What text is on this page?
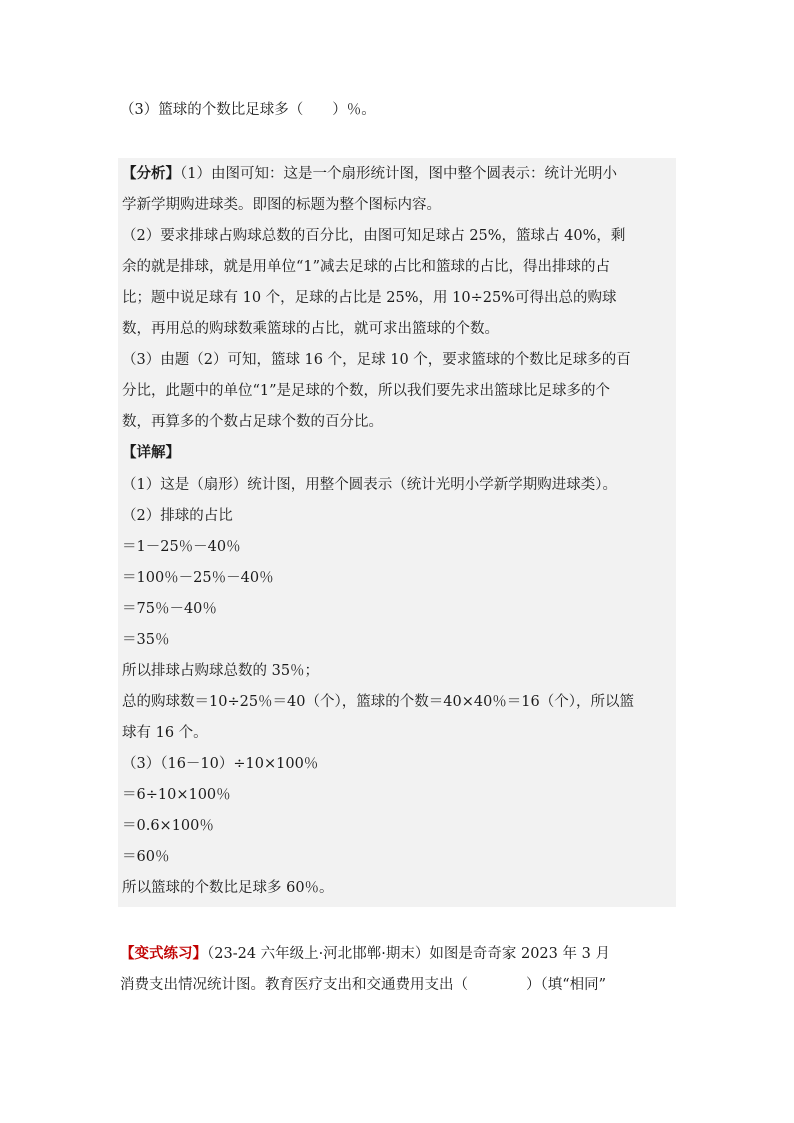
（3）篮球的个数比足球多（　　）％。
【分析】（1）由图可知：这是一个扇形统计图，图中整个圆表示：统计光明小
学新学期购进球类。即图的标题为整个图标内容。
（2）要求排球占购球总数的百分比，由图可知足球占 25%，篮球占 40%，剩
余的就是排球，就是用单位“1”减去足球的占比和篮球的占比，得出排球的占
比；题中说足球有 10 个，足球的占比是 25%，用 10÷25%可得出总的购球
数，再用总的购球数乘篮球的占比，就可求出篮球的个数。
（3）由题（2）可知，篮球 16 个，足球 10 个，要求篮球的个数比足球多的百
分比，此题中的单位“1”是足球的个数，所以我们要先求出篮球比足球多的个
数，再算多的个数占足球个数的百分比。
【详解】
（1）这是（扇形）统计图，用整个圆表示（统计光明小学新学期购进球类）。
（2）排球的占比
＝1－25％－40％
＝100％－25％－40％
＝75％－40％
＝35％
所以排球占购球总数的 35％；
总的购球数＝10÷25％＝40（个），篮球的个数＝40×40％＝16（个），所以篮
球有 16 个。
（3）（16－10）÷10×100％
＝6÷10×100％
＝0.6×100％
＝60％
所以篮球的个数比足球多 60％。
【变式练习】（23-24 六年级上·河北邯郸·期末）如图是奇奇家 2023 年 3 月
消费支出情况统计图。教育医疗支出和交通费用支出（　　　　）（填“相同”
